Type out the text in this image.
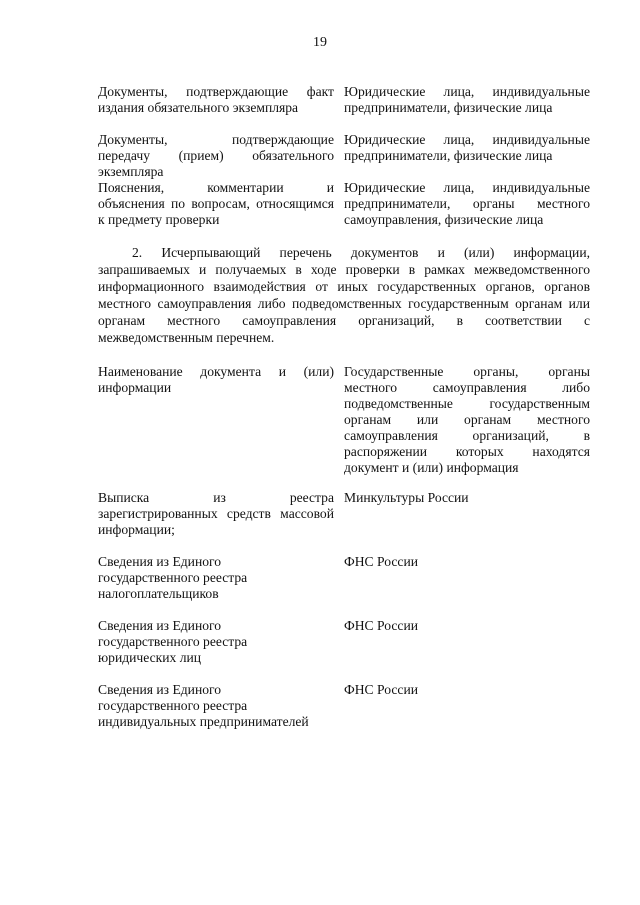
19
Документы, подтверждающие факт
издания обязательного экземпляра
Юридические лица, индивидуальные
предприниматели, физические лица
Документы, подтверждающие
передачу (прием) обязательного
экземпляра
Юридические лица, индивидуальные
предприниматели, физические лица
Пояснения, комментарии и
объяснения по вопросам, относящимся
к предмету проверки
Юридические лица, индивидуальные
предприниматели, органы местного
самоуправления, физические лица
2. Исчерпывающий перечень документов и (или) информации, запрашиваемых и получаемых в ходе проверки в рамках межведомственного информационного взаимодействия от иных государственных органов, органов местного самоуправления либо подведомственных государственным органам или органам местного самоуправления организаций, в соответствии с межведомственным перечнем.
Наименование документа и (или)
информации
Государственные органы, органы
местного самоуправления либо
подведомственные государственным
органам или органам местного
самоуправления организаций, в
распоряжении которых находятся
документ и (или) информация
Выписка из реестра
зарегистрированных средств массовой
информации;
Минкультуры России
Сведения из Единого
государственного реестра
налогоплательщиков
ФНС России
Сведения из Единого
государственного реестра
юридических лиц
ФНС России
Сведения из Единого
государственного реестра
индивидуальных предпринимателей
ФНС России
